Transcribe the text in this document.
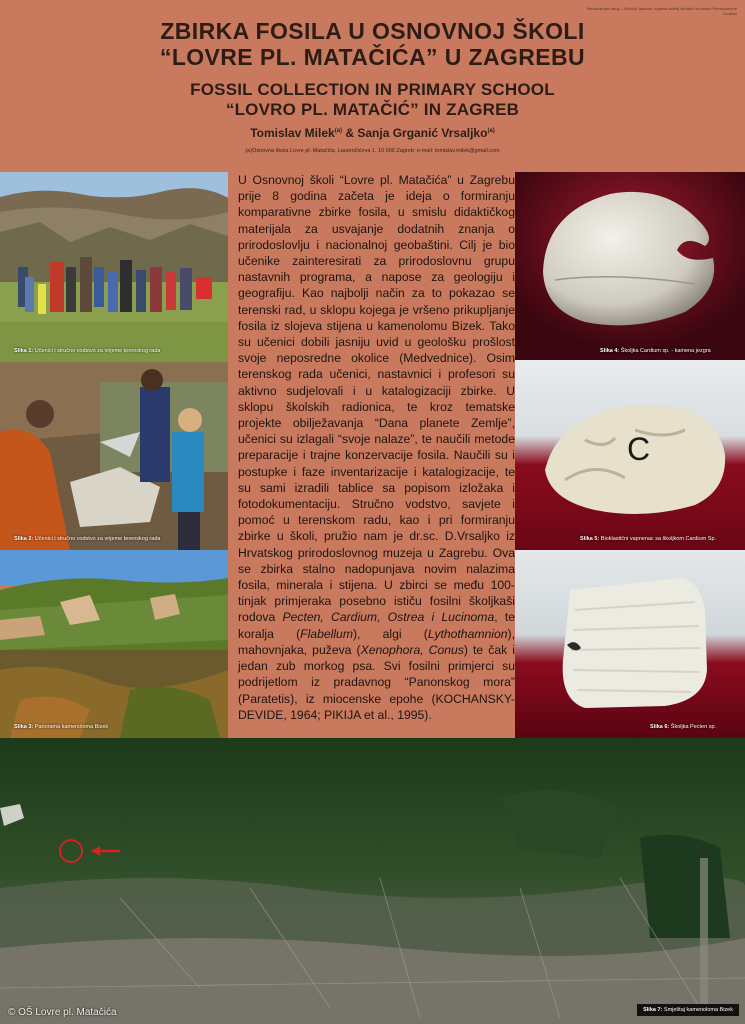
Međunarodni skup – Mihovil Jakovac: svjetski učitelj školskih Hrvatske Prirodoslovne Društvo
ZBIRKA FOSILA U OSNOVNOJ ŠKOLI
“LOVRE PL. MATAČIĆA” U ZAGREBU
FOSSIL COLLECTION IN PRIMARY SCHOOL
“LOVRO PL. MATAČIĆ” IN ZAGREB
Tomislav Milek$^{(a)}$ & Sanja Grganić Vrsaljko$^{(a)}$
(a)Osnovna škola Lovre pl. Matačića, Laurenčićeva 1, 10 000 Zagreb; e-mail: tomislav.milek@gmail.com
Slika 1: Učenici i stručno vodstvo za vrijeme terenskog rada
Slika 2: Učenici i stručno vodstvo za vrijeme terenskog rada
Slika 3: Panorama kamenoloma Bizek

U Osnovnoj školi “Lovre pl. Matačića” u Zagrebu prije 8 godina začeta je ideja o formiranju komparativne zbirke fosila, u smislu didaktičkog materijala za usvajanje dodatnih znanja o prirodoslovlju i nacionalnoj geobaštini. Cilj je bio učenike zainteresirati za prirodoslovnu grupu nastavnih programa, a napose za geologiju i geografiju. Kao najbolji način za to pokazao se terenski rad, u sklopu kojega je vršeno prikupljanje fosila iz slojeva stijena u kamenolomu Bizek. Tako su učenici dobili jasniju uvid u geološku prošlost svoje neposredne okolice (Medvednice). Osim terenskog rada učenici, nastavnici i profesori su aktivno sudjelovali i u katalogizaciji zbirke. U sklopu školskih radionica, te kroz tematske projekte obilježavanja “Dana planete Zemlje”, učenici su izlagali “svoje nalaze”, te naučili metode preparacije i trajne konzervacije fosila. Naučili su i postupke i faze inventarizacije i katalogizacije, te su sami izradili tablice sa popisom izložaka i fotodokumentaciju. Stručno vodstvo, savjete i pomoć u terenskom radu, kao i pri formiranju zbirke u školi, pružio nam je dr.sc. D.Vrsaljko iz Hrvatskog prirodoslovnog muzeja u Zagrebu. Ova se zbirka stalno nadopunjava novim nalazima fosila, minerala i stijena. U zbirci se među 100-tinjak primjeraka posebno ističu fosilni školjkaši rodova Pecten, Cardium, Ostrea i Lucinoma, te koralja (Flabellum), algi (Lythothamnion), mahovnjaka, puževa (Xenophora, Conus) te čak i jedan zub morkog psa. Svi fosilni primjerci su podrijetlom iz pradavnog “Panonskog mora” (Paratetis), iz miocenske epohe (KOCHANSKY-DEVIDE, 1964; PIKIJA et al., 1995).

Slika 4: Školjka Cardium sp. - kamena jezgra
C
Slika 5: Bioklastični vapnenac sa školjkom Cardium Sp.
Slika 6: Školjka Pecten sp.
Slika 7: Smještaj kamenoloma Bizek
© OŠ Lovre pl. Matačića
